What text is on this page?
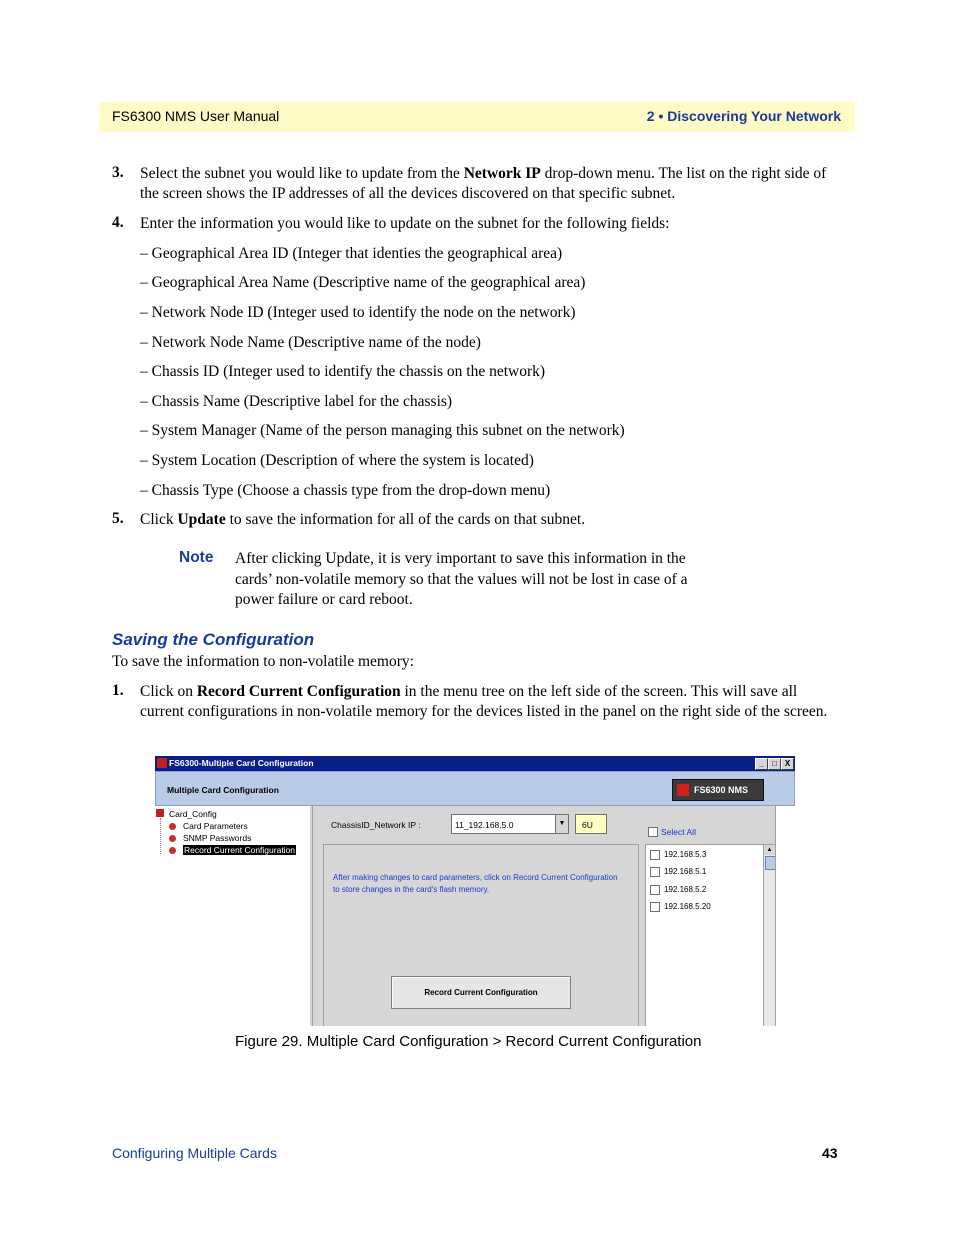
FS6300 NMS User Manual	2 • Discovering Your Network
3. Select the subnet you would like to update from the Network IP drop-down menu. The list on the right side of the screen shows the IP addresses of all the devices discovered on that specific subnet.
4. Enter the information you would like to update on the subnet for the following fields:
– Geographical Area ID (Integer that identies the geographical area)
– Geographical Area Name (Descriptive name of the geographical area)
– Network Node ID (Integer used to identify the node on the network)
– Network Node Name (Descriptive name of the node)
– Chassis ID (Integer used to identify the chassis on the network)
– Chassis Name (Descriptive label for the chassis)
– System Manager (Name of the person managing this subnet on the network)
– System Location (Description of where the system is located)
– Chassis Type (Choose a chassis type from the drop-down menu)
5. Click Update to save the information for all of the cards on that subnet.
Note After clicking Update, it is very important to save this information in the cards’ non-volatile memory so that the values will not be lost in case of a power failure or card reboot.
Saving the Configuration
To save the information to non-volatile memory:
1. Click on Record Current Configuration in the menu tree on the left side of the screen. This will save all current configurations in non-volatile memory for the devices listed in the panel on the right side of the screen.
FS6300-Multiple Card Configuration	_	□ X
Multiple Card Configuration	FS6300 NMS
Card_Config
Card Parameters
SNMP Passwords
Record Current Configuration
ChassisID_Network IP :	11_192.168.5.0	▼	6U
Select All
After making changes to card parameters, click on Record Current Configuration to store changes in the card's flash memory.
Record Current Configuration
192.168.5.3
192.168.5.1
192.168.5.2
192.168.5.20
▲
Figure 29. Multiple Card Configuration > Record Current Configuration
Configuring Multiple Cards	43
